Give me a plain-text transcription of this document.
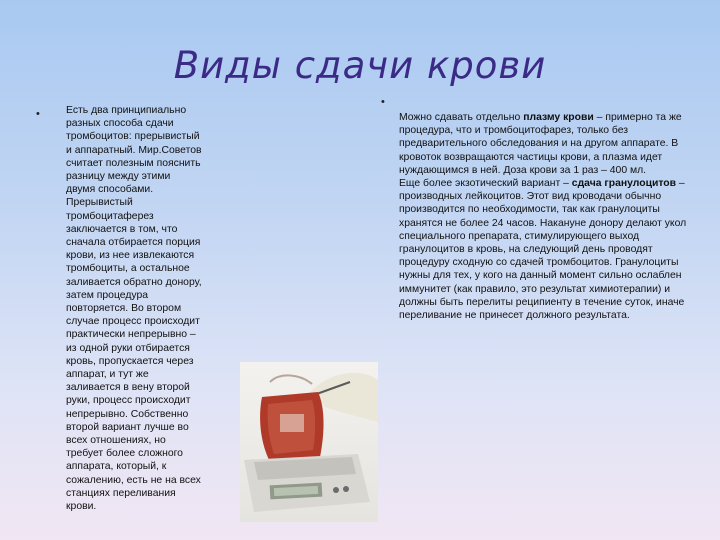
Виды сдачи крови
•	Есть два принципиально
разных способа сдачи
тромбоцитов: прерывистый
и аппаратный. Мир.Советов
считает полезным пояснить
разницу между этими
двумя способами.
Прерывистый
тромбоцитаферез
заключается в том, что
сначала отбирается порция
крови, из нее извлекаются
тромбоциты, а остальное
заливается обратно донору,
затем процедура
повторяется. Во втором
случае процесс происходит
практически непрерывно –
из одной руки отбирается
кровь, пропускается через
аппарат, и тут же
заливается в вену второй
руки, процесс происходит
непрерывно. Собственно
второй вариант лучше во
всех отношениях, но
требует более сложного
аппарата, который, к
сожалению, есть не на всех
станциях переливания
крови.
•
Можно сдавать отдельно плазму крови – примерно та же процедура, что и тромбоцитофарез, только без предварительного обследования и на другом аппарате. В кровоток возвращаются частицы крови, а плазма идет нуждающимся в ней. Доза крови за 1 раз – 400 мл.
Еще более экзотический вариант – сдача гранулоцитов – производных лейкоцитов. Этот вид кроводачи обычно производится по необходимости, так как гранулоциты хранятся не более 24 часов. Накануне донору делают укол специального препарата, стимулирующего выход гранулоцитов в кровь, на следующий день проводят процедуру сходную со сдачей тромбоцитов. Гранулоциты нужны для тех, у кого на данный момент сильно ослаблен иммунитет (как правило, это результат химиотерапии) и должны быть перелиты реципиенту в течение суток, иначе переливание не принесет должного результата.
